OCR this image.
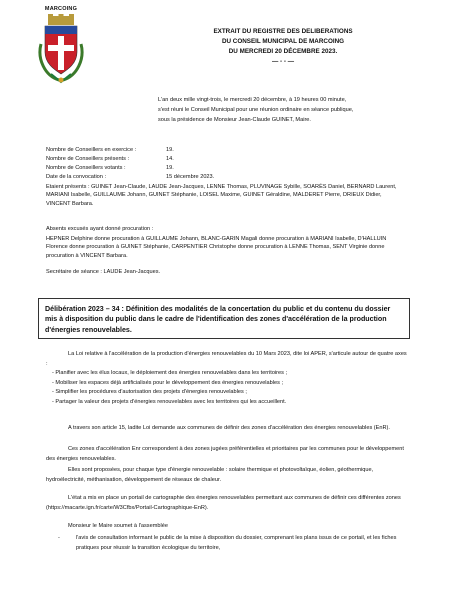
MARCOING
EXTRAIT DU REGISTRE DES DELIBERATIONS
DU CONSEIL MUNICIPAL DE MARCOING
DU MERCREDI 20 DÉCEMBRE 2023.
— - - —
L'an deux mille vingt-trois, le mercredi 20 décembre, à 19 heures 00 minute,
s'est réuni le Conseil Municipal pour une réunion ordinaire en séance publique,
sous la présidence de Monsieur Jean-Claude GUINET, Maire.
Nombre de Conseillers en exercice :	19.
Nombre de Conseillers présents :	14.
Nombre de Conseillers votants :	19.
Date de la convocation :	15 décembre 2023.
Etaient présents : GUINET Jean-Claude, LAUDE Jean-Jacques, LENNE Thomas, PLUVINAGE Sybille, SOARÈS Daniel, BERNARD Laurent, MARIANI Isabelle, GUILLAUME Johann, GUINET Stéphanie, LOISEL Maxime, GUINET Géraldine, MALDERET Pierre, DRIEUX Didier, VINCENT Barbara.
Absents excusés ayant donné procuration :
HEPNER Delphine donne procuration à GUILLAUME Johann, BLANC-GARIN Magali donne procuration à MARIANI Isabelle, D'HALLUIN Florence donne procuration à GUINET Stéphanie, CARPENTIER Christophe donne procuration à LENNE Thomas, SENT Virginie donne procuration à VINCENT Barbara.
Secrétaire de séance : LAUDE Jean-Jacques.
Délibération 2023 – 34 : Définition des modalités de la concertation du public et du contenu du dossier mis à disposition du public dans le cadre de l'identification des zones d'accélération de la production d'énergies renouvelables.
La Loi relative à l'accélération de la production d'énergies renouvelables du 10 Mars 2023, dite loi APER, s'articule autour de quatre axes :
- Planifier avec les élus locaux, le déploiement des énergies renouvelables dans les territoires ;
- Mobiliser les espaces déjà artificialisés pour le développement des énergies renouvelables ;
- Simplifier les procédures d'autorisation des projets d'énergies renouvelables ;
- Partager la valeur des projets d'énergies renouvelables avec les territoires qui les accueillent.
A travers son article 15, ladite Loi demande aux communes de définir des zones d'accélération des énergies renouvelables (EnR).
Ces zones d'accélération Enr correspondent à des zones jugées préférentielles et prioritaires par les communes pour le développement des énergies renouvelables.
Elles sont proposées, pour chaque type d'énergie renouvelable : solaire thermique et photovoltaïque, éolien, géothermique, hydroélectricité, méthanisation, développement de réseaux de chaleur.
L'état a mis en place un portail de cartographie des énergies renouvelables permettant aux communes de définir ces différentes zones (https://macarte.ign.fr/carte/W3Cfbx/Portail-Cartographique-EnR).
Monsieur le Maire soumet à l'assemblée
-	l'avis de consultation informant le public de la mise à disposition du dossier, comprenant les plans issus de ce portail, et les fiches pratiques pour réussir la transition écologique du territoire,
